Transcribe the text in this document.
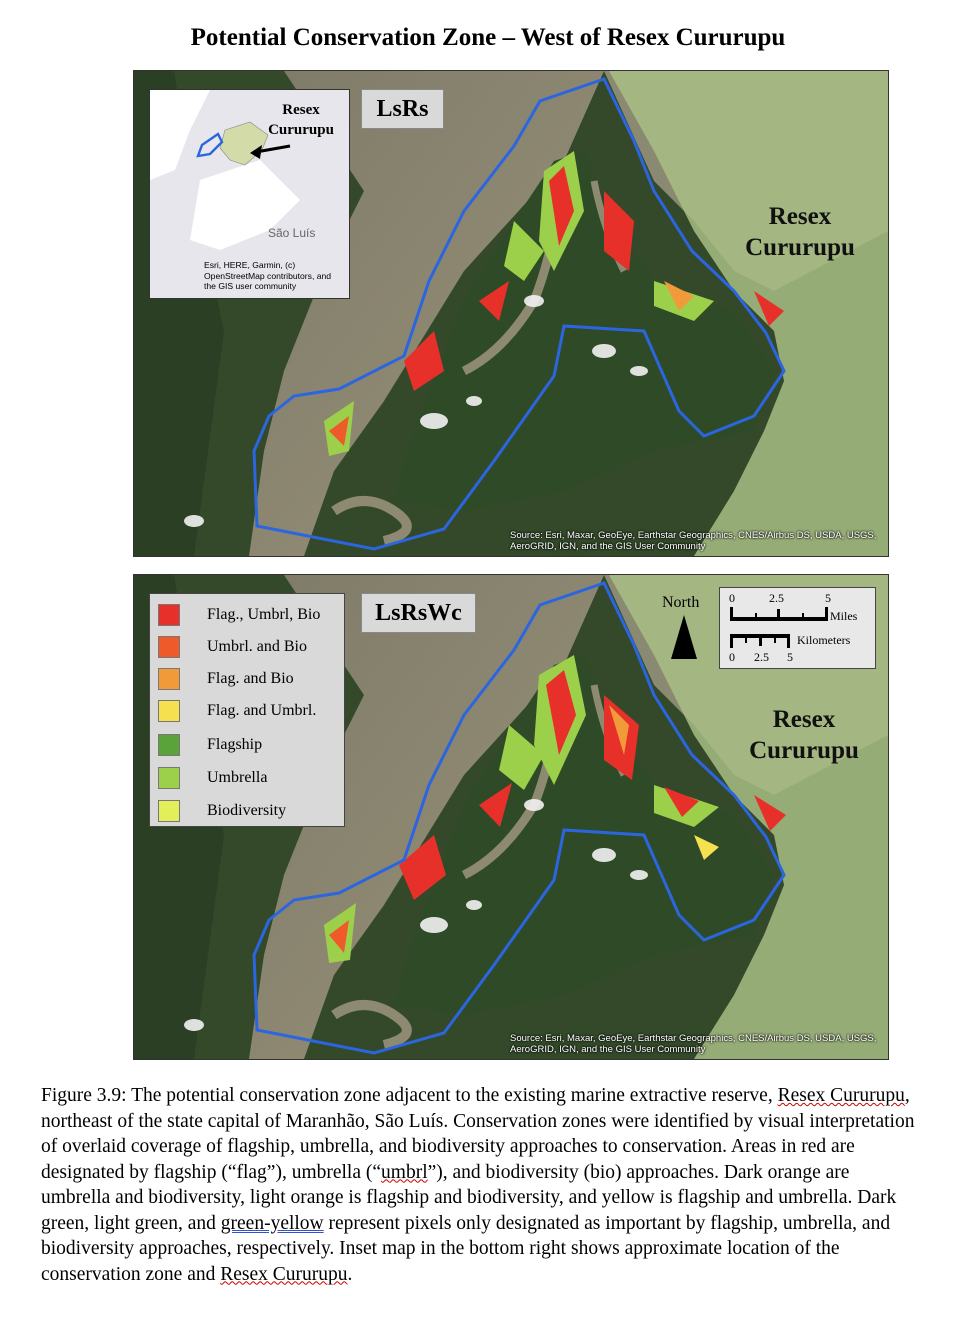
Potential Conservation Zone – West of Resex Cururupu
Resex
Cururupu
São Luís
Esri, HERE, Garmin, (c) OpenStreetMap contributors, and the GIS user community
LsRs
Resex
Cururupu
Source: Esri, Maxar, GeoEye, Earthstar Geographics, CNES/Airbus DS, USDA, USGS, AeroGRID, IGN, and the GIS User Community
Flag., Umbrl, Bio
Umbrl. and Bio
Flag. and Bio
Flag. and Umbrl.
Flagship
Umbrella
Biodiversity
LsRsWc	North 0	2.5	5
Miles
Kilometers
0 2.5 5
Resex
Cururupu
Source: Esri, Maxar, GeoEye, Earthstar Geographics, CNES/Airbus DS, USDA, USGS, AeroGRID, IGN, and the GIS User Community

Figure 3.9: The potential conservation zone adjacent to the existing marine extractive reserve, Resex Cururupu, northeast of the state capital of Maranhão, São Luís. Conservation zones were identified by visual interpretation of overlaid coverage of flagship, umbrella, and biodiversity approaches to conservation. Areas in red are designated by flagship (“flag”), umbrella (“umbrl”), and biodiversity (bio) approaches. Dark orange are umbrella and biodiversity, light orange is flagship and biodiversity, and yellow is flagship and umbrella. Dark green, light green, and green-yellow represent pixels only designated as important by flagship, umbrella, and biodiversity approaches, respectively. Inset map in the bottom right shows approximate location of the conservation zone and Resex Cururupu.
